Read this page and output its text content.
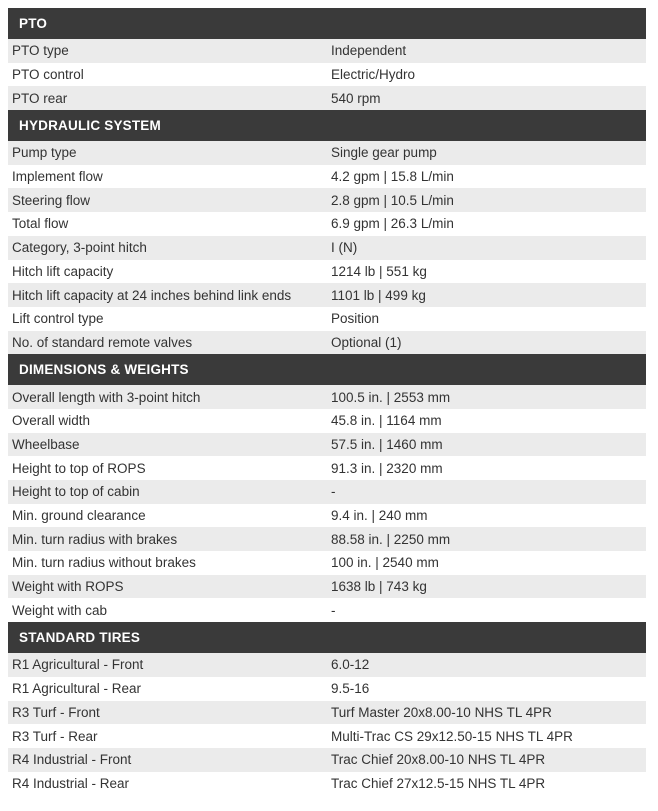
PTO
PTO type	Independent
PTO control	Electric/Hydro
PTO rear	540 rpm
HYDRAULIC SYSTEM
Pump type	Single gear pump
Implement flow	4.2 gpm | 15.8 L/min
Steering flow	2.8 gpm | 10.5 L/min
Total flow	6.9 gpm | 26.3 L/min
Category, 3-point hitch	I (N)
Hitch lift capacity	1214 lb | 551 kg
Hitch lift capacity at 24 inches behind link ends	1101 lb | 499 kg
Lift control type	Position
No. of standard remote valves	Optional (1)
DIMENSIONS & WEIGHTS
Overall length with 3-point hitch	100.5 in. | 2553 mm
Overall width	45.8 in. | 1164 mm
Wheelbase	57.5 in. | 1460 mm
Height to top of ROPS	91.3 in. | 2320 mm
Height to top of cabin	-
Min. ground clearance	9.4 in. | 240 mm
Min. turn radius with brakes	88.58 in. | 2250 mm
Min. turn radius without brakes	100 in. | 2540 mm
Weight with ROPS	1638 lb | 743 kg
Weight with cab	-
STANDARD TIRES
R1 Agricultural - Front	6.0-12
R1 Agricultural - Rear	9.5-16
R3 Turf - Front	Turf Master 20x8.00-10 NHS TL 4PR
R3 Turf - Rear	Multi-Trac CS 29x12.50-15 NHS TL 4PR
R4 Industrial - Front	Trac Chief 20x8.00-10 NHS TL 4PR
R4 Industrial - Rear	Trac Chief 27x12.5-15 NHS TL 4PR
